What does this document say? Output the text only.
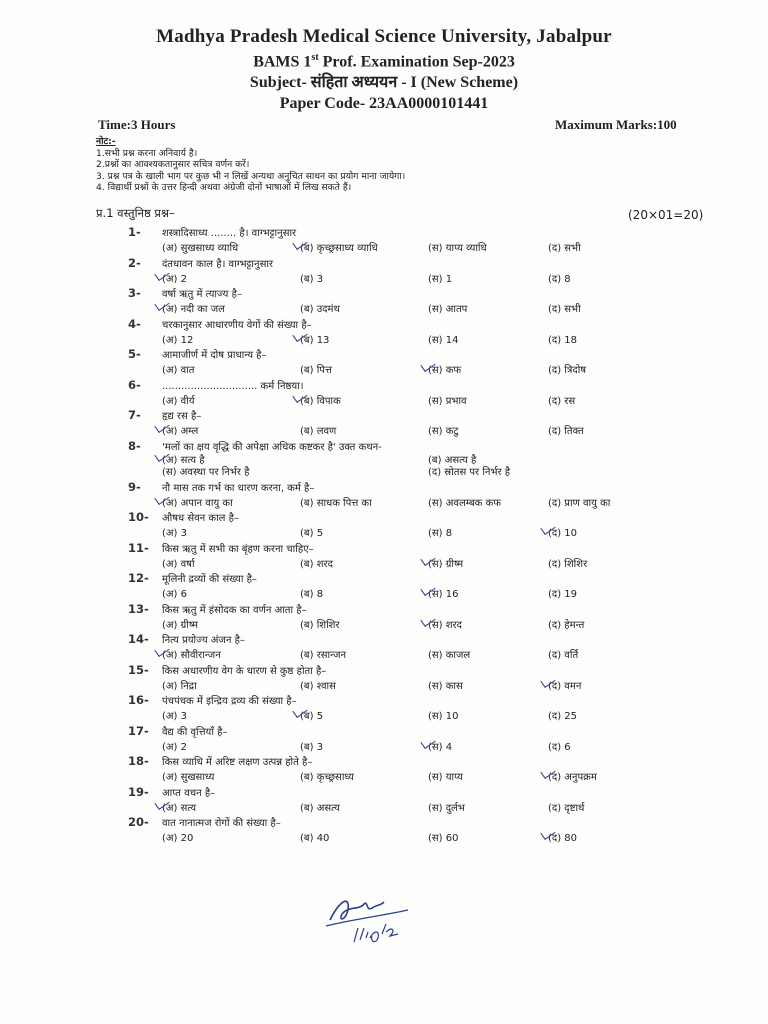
Madhya Pradesh Medical Science University, Jabalpur
BAMS 1st Prof. Examination Sep-2023
Subject- संहिता अध्ययन - I (New Scheme)
Paper Code- 23AA0000101441
Time:3 Hours	Maximum Marks:100
नोट:-
1.सभी प्रश्न करना अनिवार्य है।
2.प्रश्नों का आवश्यकतानुसार सचित्र वर्णन करें।
3. प्रश्न पत्र के खाली भाग पर कुछ भी न लिखें अन्यथा अनुचित साधन का प्रयोग माना जायेगा।
4. विद्यार्थी प्रश्नों के उत्तर हिन्दी अथवा अंग्रेजी दोनों भाषाओं में लिख सकते हैं।
प्र.1 वस्तुनिष्ठ प्रश्न–	(20×01=20)
1- शस्त्रादिसाध्य ........ है। वाग्भट्टानुसार
(अ) सुखसाध्य व्याधि	(ब) कृच्छ्रसाध्य व्याधि	(स) याप्य व्याधि	(द) सभी
2- दंतधावन काल है। वाग्भट्टानुसार
(अ) 2	(ब) 3	(स) 1	(द) 8
3- वर्षा ऋतु में त्याज्य है–
(अ) नदी का जल	(ब) उदमंथ	(स) आतप	(द) सभी
4- चरकानुसार आधारणीय वेगों की संख्या है–
(अ) 12	(ब) 13	(स) 14	(द) 18
5- आमाजीर्ण में दोष प्राधान्य है–
(अ) वात	(ब) पित्त	(स) कफ	(द) त्रिदोष
6- .............................. कर्म निष्ठया।
(अ) वीर्य	(ब) विपाक	(स) प्रभाव	(द) रस
7- हृद्य रस है–
(अ) अम्ल	(ब) लवण	(स) कटु	(द) तिक्त
8- 'मलों का क्षय वृद्धि की अपेक्षा अधिक कष्टकर है' उक्त कथन-
(अ) सत्य है	(ब) असत्य है
(स) अवस्था पर निर्भर है	(द) स्रोतस पर निर्भर है
9- नौ मास तक गर्भ का धारण करना, कर्म है–
(अ) अपान वायु का	(ब) साधक पित्त का	(स) अवलम्बक कफ	(द) प्राण वायु का
10- औषध सेवन काल है–
(अ) 3	(ब) 5	(स) 8	(द) 10
11- किस ऋतु में सभी का बृंहण करना चाहिए–
(अ) वर्षा	(ब) शरद	(स) ग्रीष्म	(द) शिशिर
12- मूलिनी द्रव्यों की संख्या है–
(अ) 6	(ब) 8	(स) 16	(द) 19
13- किस ऋतु में हंसोदक का वर्णन आता है–
(अ) ग्रीष्म	(ब) शिशिर	(स) शरद	(द) हेमन्त
14- नित्य प्रयोज्य अंजन है–
(अ) सौवीरान्जन	(ब) रसान्जन	(स) काजल	(द) वर्ति
15- किस अधारणीय वेग के धारण से कुष्ठ होता है–
(अ) निद्रा	(ब) श्वास	(स) कास	(द) वमन
16- पंचपंचक में इन्द्रिय द्रव्य की संख्या है–
(अ) 3	(ब) 5	(स) 10	(द) 25
17- वैद्य की वृत्तियाँ है–
(अ) 2	(ब) 3	(स) 4	(द) 6
18- किस व्याधि में अरिष्ट लक्षण उत्पन्न होते है–
(अ) सुखसाध्य	(ब) कृच्छ्रसाध्य	(स) याप्य	(द) अनुपक्रम
19- आप्त वचन है–
(अ) सत्य	(ब) असत्य	(स) दुर्लभ	(द) दृष्टार्थ
20- वात नानात्मज रोगों की संख्या है–
(अ) 20	(ब) 40	(स) 60	(द) 80
